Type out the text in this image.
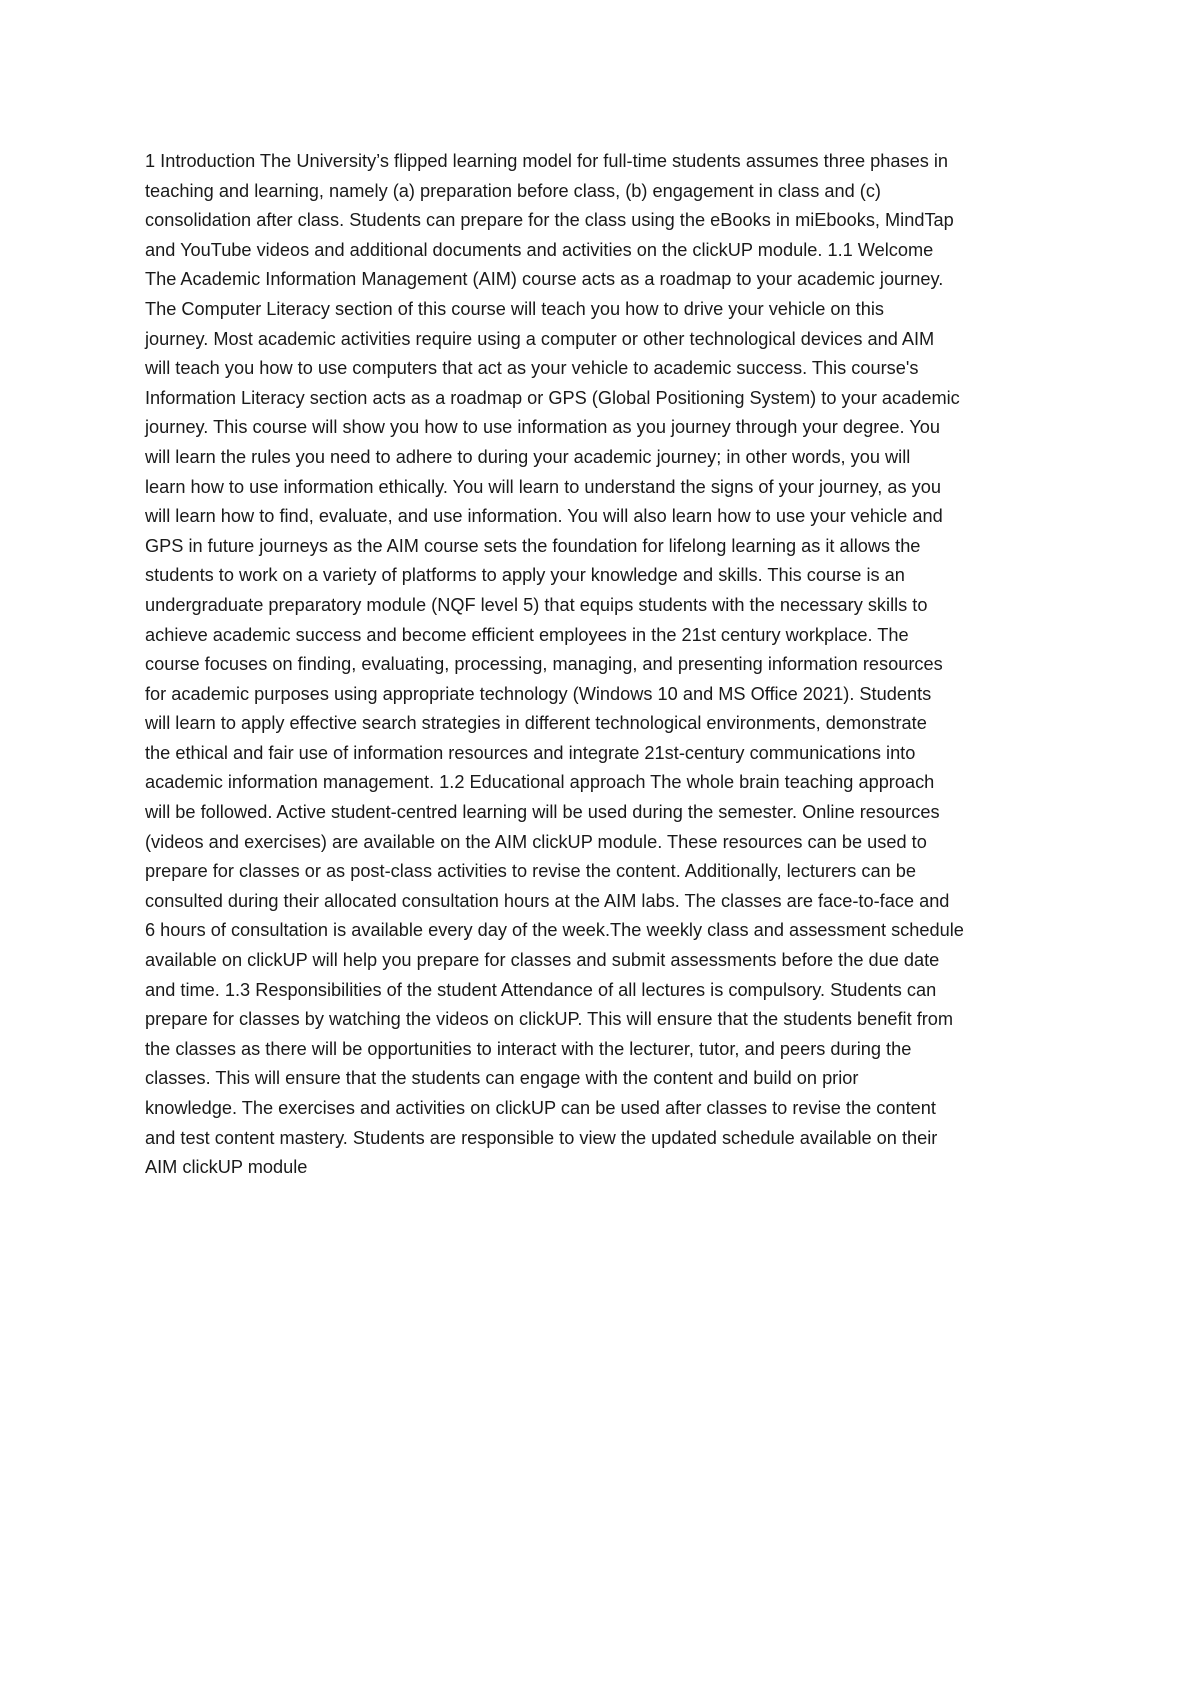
1 Introduction The University’s flipped learning model for full-time students assumes three phases in
teaching and learning, namely (a) preparation before class, (b) engagement in class and (c)
consolidation after class. Students can prepare for the class using the eBooks in miEbooks, MindTap
and YouTube videos and additional documents and activities on the clickUP module. 1.1 Welcome
The Academic Information Management (AIM) course acts as a roadmap to your academic journey.
The Computer Literacy section of this course will teach you how to drive your vehicle on this
journey. Most academic activities require using a computer or other technological devices and AIM
will teach you how to use computers that act as your vehicle to academic success. This course's
Information Literacy section acts as a roadmap or GPS (Global Positioning System) to your academic
journey. This course will show you how to use information as you journey through your degree. You
will learn the rules you need to adhere to during your academic journey; in other words, you will
learn how to use information ethically. You will learn to understand the signs of your journey, as you
will learn how to find, evaluate, and use information. You will also learn how to use your vehicle and
GPS in future journeys as the AIM course sets the foundation for lifelong learning as it allows the
students to work on a variety of platforms to apply your knowledge and skills. This course is an
undergraduate preparatory module (NQF level 5) that equips students with the necessary skills to
achieve academic success and become efficient employees in the 21st century workplace. The
course focuses on finding, evaluating, processing, managing, and presenting information resources
for academic purposes using appropriate technology (Windows 10 and MS Office 2021). Students
will learn to apply effective search strategies in different technological environments, demonstrate
the ethical and fair use of information resources and integrate 21st-century communications into
academic information management. 1.2 Educational approach The whole brain teaching approach
will be followed. Active student-centred learning will be used during the semester. Online resources
(videos and exercises) are available on the AIM clickUP module. These resources can be used to
prepare for classes or as post-class activities to revise the content. Additionally, lecturers can be
consulted during their allocated consultation hours at the AIM labs. The classes are face-to-face and
6 hours of consultation is available every day of the week.The weekly class and assessment schedule
available on clickUP will help you prepare for classes and submit assessments before the due date
and time. 1.3 Responsibilities of the student Attendance of all lectures is compulsory. Students can
prepare for classes by watching the videos on clickUP. This will ensure that the students benefit from
the classes as there will be opportunities to interact with the lecturer, tutor, and peers during the
classes. This will ensure that the students can engage with the content and build on prior
knowledge. The exercises and activities on clickUP can be used after classes to revise the content
and test content mastery. Students are responsible to view the updated schedule available on their
AIM clickUP module
